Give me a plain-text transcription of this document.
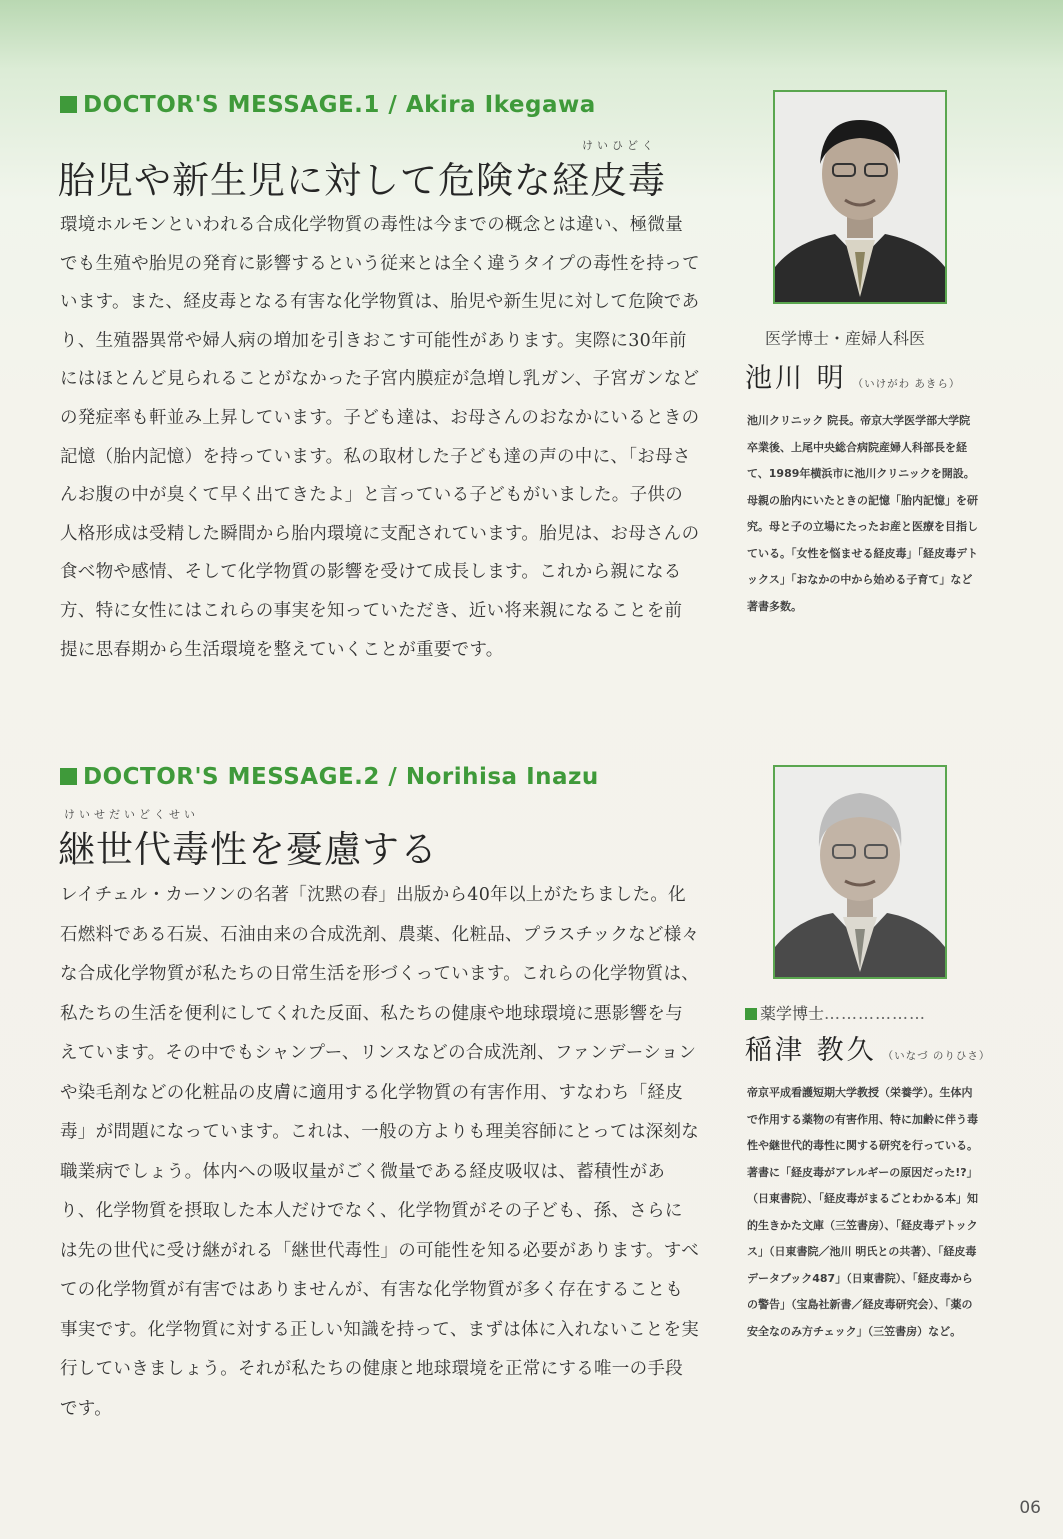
DOCTOR'S MESSAGE.1 / Akira Ikegawa
けいひどく
胎児や新生児に対して危険な経皮毒

環境ホルモンといわれる合成化学物質の毒性は今までの概念とは違い、極微量でも生殖や胎児の発育に影響するという従来とは全く違うタイプの毒性を持っています。また、経皮毒となる有害な化学物質は、胎児や新生児に対して危険であり、生殖器異常や婦人病の増加を引きおこす可能性があります。実際に30年前にはほとんど見られることがなかった子宮内膜症が急増し乳ガン、子宮ガンなどの発症率も軒並み上昇しています。子ども達は、お母さんのおなかにいるときの記憶（胎内記憶）を持っています。私の取材した子ども達の声の中に、「お母さんお腹の中が臭くて早く出てきたよ」と言っている子どもがいました。子供の人格形成は受精した瞬間から胎内環境に支配されています。胎児は、お母さんの食べ物や感情、そして化学物質の影響を受けて成長します。これから親になる方、特に女性にはこれらの事実を知っていただき、近い将来親になることを前提に思春期から生活環境を整えていくことが重要です。

医学博士・産婦人科医
池川 明 （いけがわ あきら）

池川クリニック 院長。帝京大学医学部大学院卒業後、上尾中央総合病院産婦人科部長を経て、1989年横浜市に池川クリニックを開設。母親の胎内にいたときの記憶「胎内記憶」を研究。母と子の立場にたったお産と医療を目指している。「女性を悩ませる経皮毒」「経皮毒デトックス」「おなかの中から始める子育て」など著書多数。

DOCTOR'S MESSAGE.2 / Norihisa Inazu
けいせだいどくせい
継世代毒性を憂慮する

レイチェル・カーソンの名著「沈黙の春」出版から40年以上がたちました。化石燃料である石炭、石油由来の合成洗剤、農薬、化粧品、プラスチックなど様々な合成化学物質が私たちの日常生活を形づくっています。これらの化学物質は、私たちの生活を便利にしてくれた反面、私たちの健康や地球環境に悪影響を与えています。その中でもシャンプー、リンスなどの合成洗剤、ファンデーションや染毛剤などの化粧品の皮膚に適用する化学物質の有害作用、すなわち「経皮毒」が問題になっています。これは、一般の方よりも理美容師にとっては深刻な職業病でしょう。体内への吸収量がごく微量である経皮吸収は、蓄積性があり、化学物質を摂取した本人だけでなく、化学物質がその子ども、孫、さらには先の世代に受け継がれる「継世代毒性」の可能性を知る必要があります。すべての化学物質が有害ではありませんが、有害な化学物質が多く存在することも事実です。化学物質に対する正しい知識を持って、まずは体に入れないことを実行していきましょう。それが私たちの健康と地球環境を正常にする唯一の手段です。

薬学博士………………
稲津 教久 （いなづ のりひさ）

帝京平成看護短期大学教授（栄養学）。生体内で作用する薬物の有害作用、特に加齢に伴う毒性や継世代的毒性に関する研究を行っている。著書に「経皮毒がアレルギーの原因だった!?」（日東書院）、「経皮毒がまるごとわかる本」知的生きかた文庫（三笠書房）、「経皮毒デトックス」（日東書院／池川 明氏との共著）、「経皮毒データブック487」（日東書院）、「経皮毒からの警告」（宝島社新書／経皮毒研究会）、「薬の安全なのみ方チェック」（三笠書房）など。

06
